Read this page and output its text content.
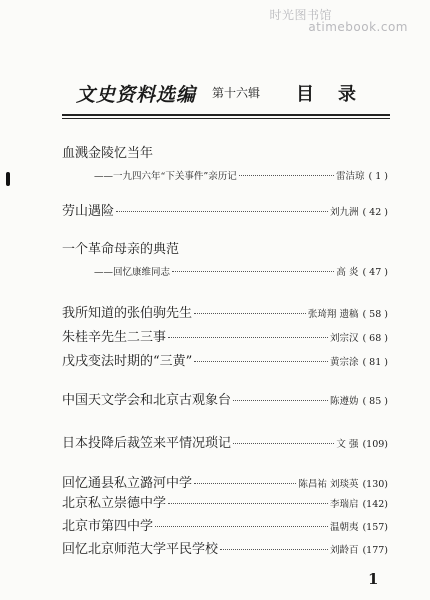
时光图书馆
atimebook.com
文史资料选编 第十六辑 目录
血溅金陵忆当年
——一九四六年“下关事件”亲历记	雷洁琼 ( 1 )
劳山遇险	刘九洲 ( 42 )
一个革命母亲的典范
——回忆康维同志	高 炎 ( 47 )
我所知道的张伯驹先生	张琦翔 遗稿 ( 58 )
朱桂辛先生二三事	刘宗汉 ( 68 )
戊戌变法时期的“三黄”	黄宗涂 ( 81 )
中国天文学会和北京古观象台	陈遵妫 ( 85 )
日本投降后裁笠来平情况琐记	文 强 (109)
回忆通县私立潞河中学	陈昌祐 刘琰英 (130)
北京私立崇德中学	李瑞启 (142)
北京市第四中学	温朝夷 (157)
回忆北京师范大学平民学校	刘龄百 (177)
1
